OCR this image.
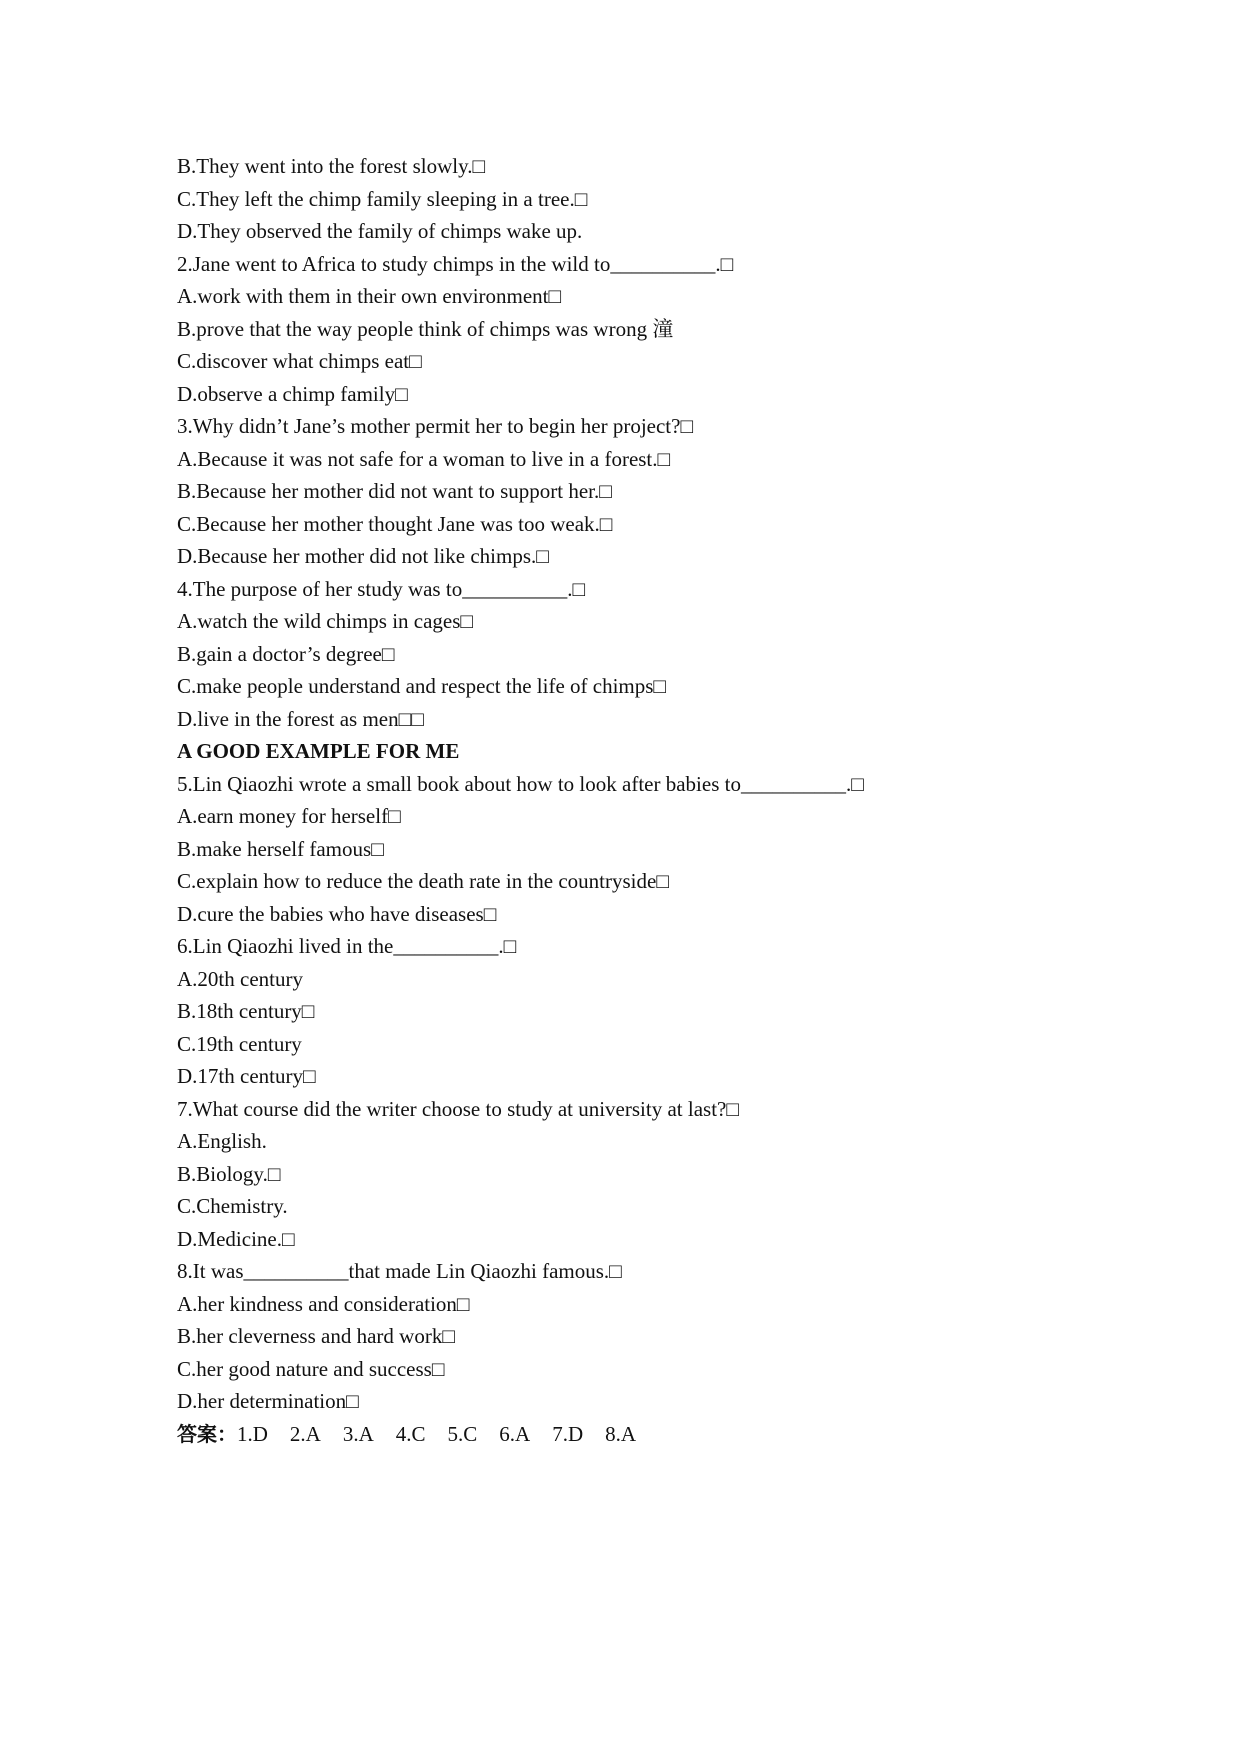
B.They went into the forest slowly.□
C.They left the chimp family sleeping in a tree.□
D.They observed the family of chimps wake up.
2.Jane went to Africa to study chimps in the wild to__________.□
A.work with them in their own environment□
B.prove that the way people think of chimps was wrong 潼
C.discover what chimps eat□
D.observe a chimp family□
3.Why didn’t Jane’s mother permit her to begin her project?□
A.Because it was not safe for a woman to live in a forest.□
B.Because her mother did not want to support her.□
C.Because her mother thought Jane was too weak.□
D.Because her mother did not like chimps.□
4.The purpose of her study was to__________.□
A.watch the wild chimps in cages□
B.gain a doctor’s degree□
C.make people understand and respect the life of chimps□
D.live in the forest as men□□
A GOOD EXAMPLE FOR ME
5.Lin Qiaozhi wrote a small book about how to look after babies to__________.□
A.earn money for herself□
B.make herself famous□
C.explain how to reduce the death rate in the countryside□
D.cure the babies who have diseases□
6.Lin Qiaozhi lived in the__________.□
A.20th century
B.18th century□
C.19th century
D.17th century□
7.What course did the writer choose to study at university at last?□
A.English.
B.Biology.□
C.Chemistry.
D.Medicine.□
8.It was__________that made Lin Qiaozhi famous.□
A.her kindness and consideration□
B.her cleverness and hard work□
C.her good nature and success□
D.her determination□
答案：1.D 2.A 3.A 4.C 5.C 6.A 7.D 8.A
